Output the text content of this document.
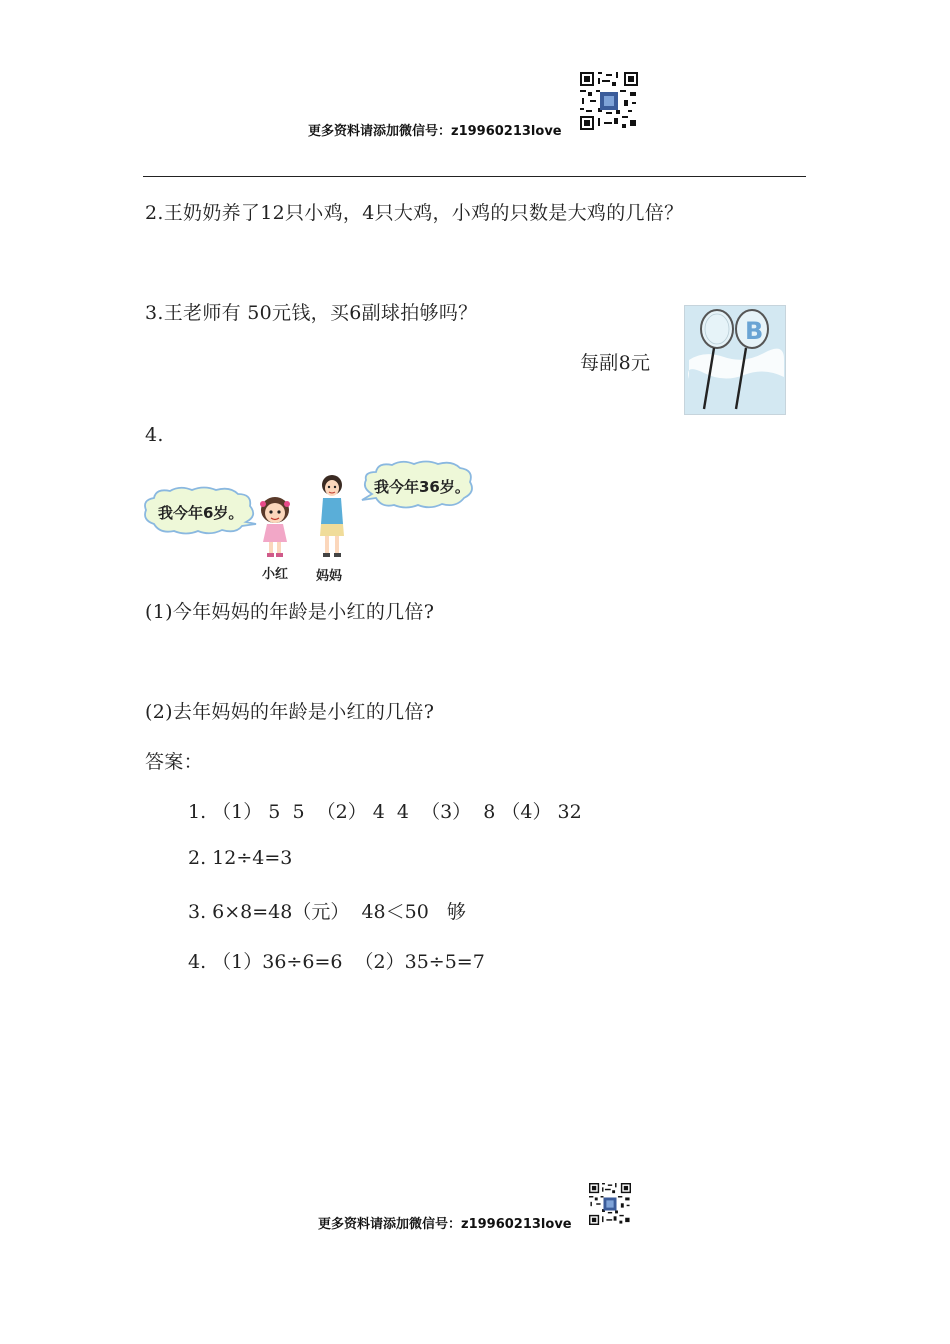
更多资料请添加微信号：z19960213love
2.王奶奶养了12只小鸡，4只大鸡，小鸡的只数是大鸡的几倍？
3.王老师有 50元钱，买6副球拍够吗？
每副8元
B
4.
我今年6岁。
我今年36岁。
小红 妈妈
(1)今年妈妈的年龄是小红的几倍?
(2)去年妈妈的年龄是小红的几倍?
答案：
1. （1） 5  5  （2） 4  4  （3）  8 （4） 32
2. 12÷4=3
3. 6×8=48（元）  48＜50   够
4. （1）36÷6=6  （2）35÷5=7
更多资料请添加微信号：z19960213love
